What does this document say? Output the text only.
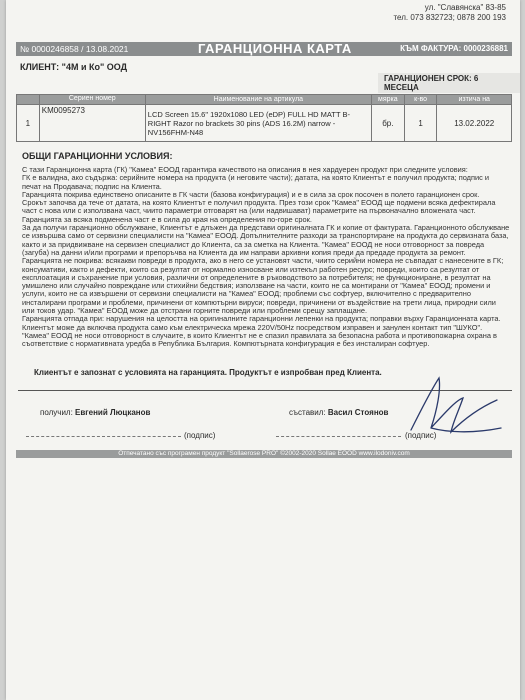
ул. "Славянска" 83-85
тел. 073 832723; 0878 200 193
№ 0000246858 / 13.08.2021	ГАРАНЦИОННА КАРТА	КЪМ ФАКТУРА: 0000236881
КЛИЕНТ: "4М и Ко" ООД
ГАРАНЦИОНЕН СРОК: 6 МЕСЕЦА
	Сериен номер	Наименование на артикула	мярка	к-во	изтича на
1	KM0095273	LCD Screen 15.6" 1920x1080 LED (eDP) FULL HD MATT B-RIGHT Razor no brackets 30 pins (ADS 16.2M) narrow - NV156FHM-N48	бр.	1	13.02.2022
ОБЩИ ГАРАНЦИОННИ УСЛОВИЯ:

С тази Гаранционна карта (ГК) "Камеа" ЕООД гарантира качеството на описания в нея хардуерен продукт при следните условия:

ГК е валидна, ако съдържа: серийните номера на продукта (и неговите части); датата, на която Клиентът е получил продукта; подпис и печат на Продавача; подпис на Клиента.

Гаранцията покрива единствено описаните в ГК части (базова конфигурация) и е в сила за срок посочен в полето гаранционен срок.

Срокът започва да тече от датата, на която Клиентът е получил продукта. През този срок "Камеа" ЕООД ще подмени всяка дефектирала част с нова или с използвана част, чиито параметри отговарят на (или надвишават) параметрите на първоначално вложената част.

Гаранцията за всяка подменена част е в сила до края на определения по-горе срок.

За да получи гаранционно обслужване, Клиентът е длъжен да представи оригиналната ГК и копие от фактурата. Гаранционното обслужване се извършва само от сервизни специалисти на "Камеа" ЕООД. Допълнителните разходи за транспортиране на продукта до сервизната база, както и за придвижване на сервизен специалист до Клиента, са за сметка на Клиента. "Камеа" ЕООД не носи отговорност за повреда (загуба) на данни и/или програми и препоръчва на Клиента да им направи архивни копия преди да предаде продукта за ремонт.

Гаранцията не покрива: всякакви повреди в продукта, ако в него се установят части, чиито серийни номера не съвпадат с нанесените в ГК; консумативи, както и дефекти, които са резултат от нормално износване или изтекъл работен ресурс; повреди, които са резултат от експлоатация и съхранение при условия, различни от определените в ръководството за потребителя; не функциониране, в резултат на умишлено или случайно повреждане или стихийни бедствия; използване на части, които не са монтирани от "Камеа" ЕООД; промени и услуги, които не са извършени от сервизни специалисти на "Камеа" ЕООД; проблеми със софтуер, включително с предварително инсталирани програми и проблеми, причинени от компютърни вируси; повреди, причинени от въздействие на трети лица, природни сили или токов удар. "Камеа" ЕООД може да отстрани горните повреди или проблеми срещу заплащане.

Гаранцията отпада при: нарушения на целостта на оригиналните гаранционни лепенки на продукта; поправки върху Гаранционната карта.

Клиентът може да включва продукта само към електрическа мрежа 220V/50Hz посредством изправен и занулен контакт тип "ШУКО".

"Камеа" ЕООД не носи отговорност в случаите, в които Клиентът не е спазил правилата за безопасна работа и противопожарна охрана в съответствие с нормативната уредба в Република България. Компютърната конфигурация е без инсталиран софтуер.

Клиентът е запознат с условията на гаранцията. Продуктът е изпробван пред Клиента.
получил: Евгений Люцканов	съставил: Васил Стоянов
(подпис)	(подпис)
Отпечатано със програмен продукт "Sollaerose PRO" ©2002-2020 Sollae EOOD www.ilodoniv.com
